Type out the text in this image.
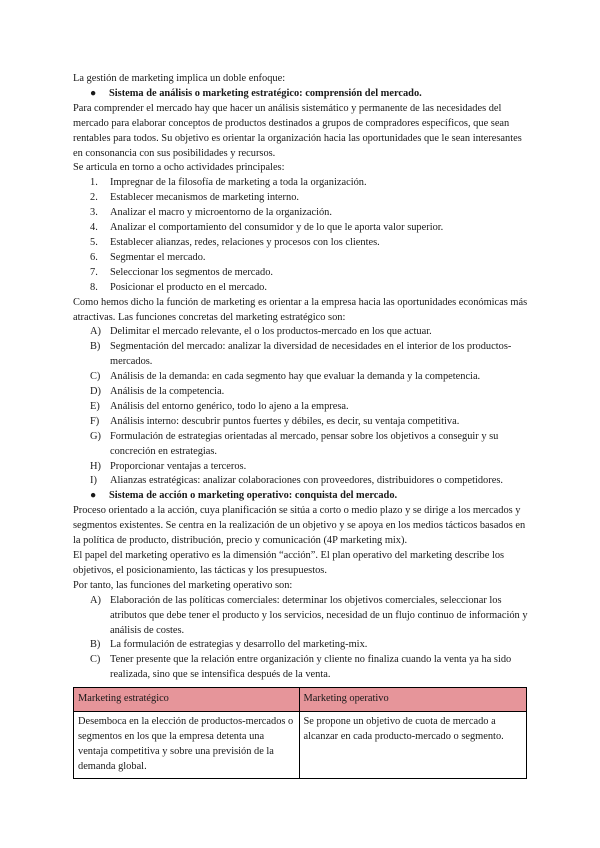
La gestión de marketing implica un doble enfoque:

● Sistema de análisis o marketing estratégico: comprensión del mercado.

Para comprender el mercado hay que hacer un análisis sistemático y permanente de las necesidades del mercado para elaborar conceptos de productos destinados a grupos de compradores específicos, que sean rentables para todos. Su objetivo es orientar la organización hacia las oportunidades que le sean interesantes en consonancia con sus posibilidades y recursos.

Se articula en torno a ocho actividades principales:

1. Impregnar de la filosofía de marketing a toda la organización.
2. Establecer mecanismos de marketing interno.
3. Analizar el macro y microentorno de la organización.
4. Analizar el comportamiento del consumidor y de lo que le aporta valor superior.
5. Establecer alianzas, redes, relaciones y procesos con los clientes.
6. Segmentar el mercado.
7. Seleccionar los segmentos de mercado.
8. Posicionar el producto en el mercado.

Como hemos dicho la función de marketing es orientar a la empresa hacia las oportunidades económicas más atractivas. Las funciones concretas del marketing estratégico son:

A) Delimitar el mercado relevante, el o los productos-mercado en los que actuar.
B) Segmentación del mercado: analizar la diversidad de necesidades en el interior de los productos-mercados.
C) Análisis de la demanda: en cada segmento hay que evaluar la demanda y la competencia.
D) Análisis de la competencia.
E) Análisis del entorno genérico, todo lo ajeno a la empresa.
F) Análisis interno: descubrir puntos fuertes y débiles, es decir, su ventaja competitiva.
G) Formulación de estrategias orientadas al mercado, pensar sobre los objetivos a conseguir y su concreción en estrategias.
H) Proporcionar ventajas a terceros.
I) Alianzas estratégicas: analizar colaboraciones con proveedores, distribuidores o competidores.

● Sistema de acción o marketing operativo: conquista del mercado.

Proceso orientado a la acción, cuya planificación se sitúa a corto o medio plazo y se dirige a los mercados y segmentos existentes. Se centra en la realización de un objetivo y se apoya en los medios tácticos basados en la política de producto, distribución, precio y comunicación (4P marketing mix).

El papel del marketing operativo es la dimensión “acción”. El plan operativo del marketing describe los objetivos, el posicionamiento, las tácticas y los presupuestos.

Por tanto, las funciones del marketing operativo son:

A) Elaboración de las políticas comerciales: determinar los objetivos comerciales, seleccionar los atributos que debe tener el producto y los servicios, necesidad de un flujo continuo de información y análisis de costes.
B) La formulación de estrategias y desarrollo del marketing-mix.
C) Tener presente que la relación entre organización y cliente no finaliza cuando la venta ya ha sido realizada, sino que se intensifica después de la venta.
Marketing estratégico	Marketing operativo
Desemboca en la elección de productos-mercados o segmentos en los que la empresa detenta una ventaja competitiva y sobre una previsión de la demanda global.	Se propone un objetivo de cuota de mercado a alcanzar en cada producto-mercado o segmento.
